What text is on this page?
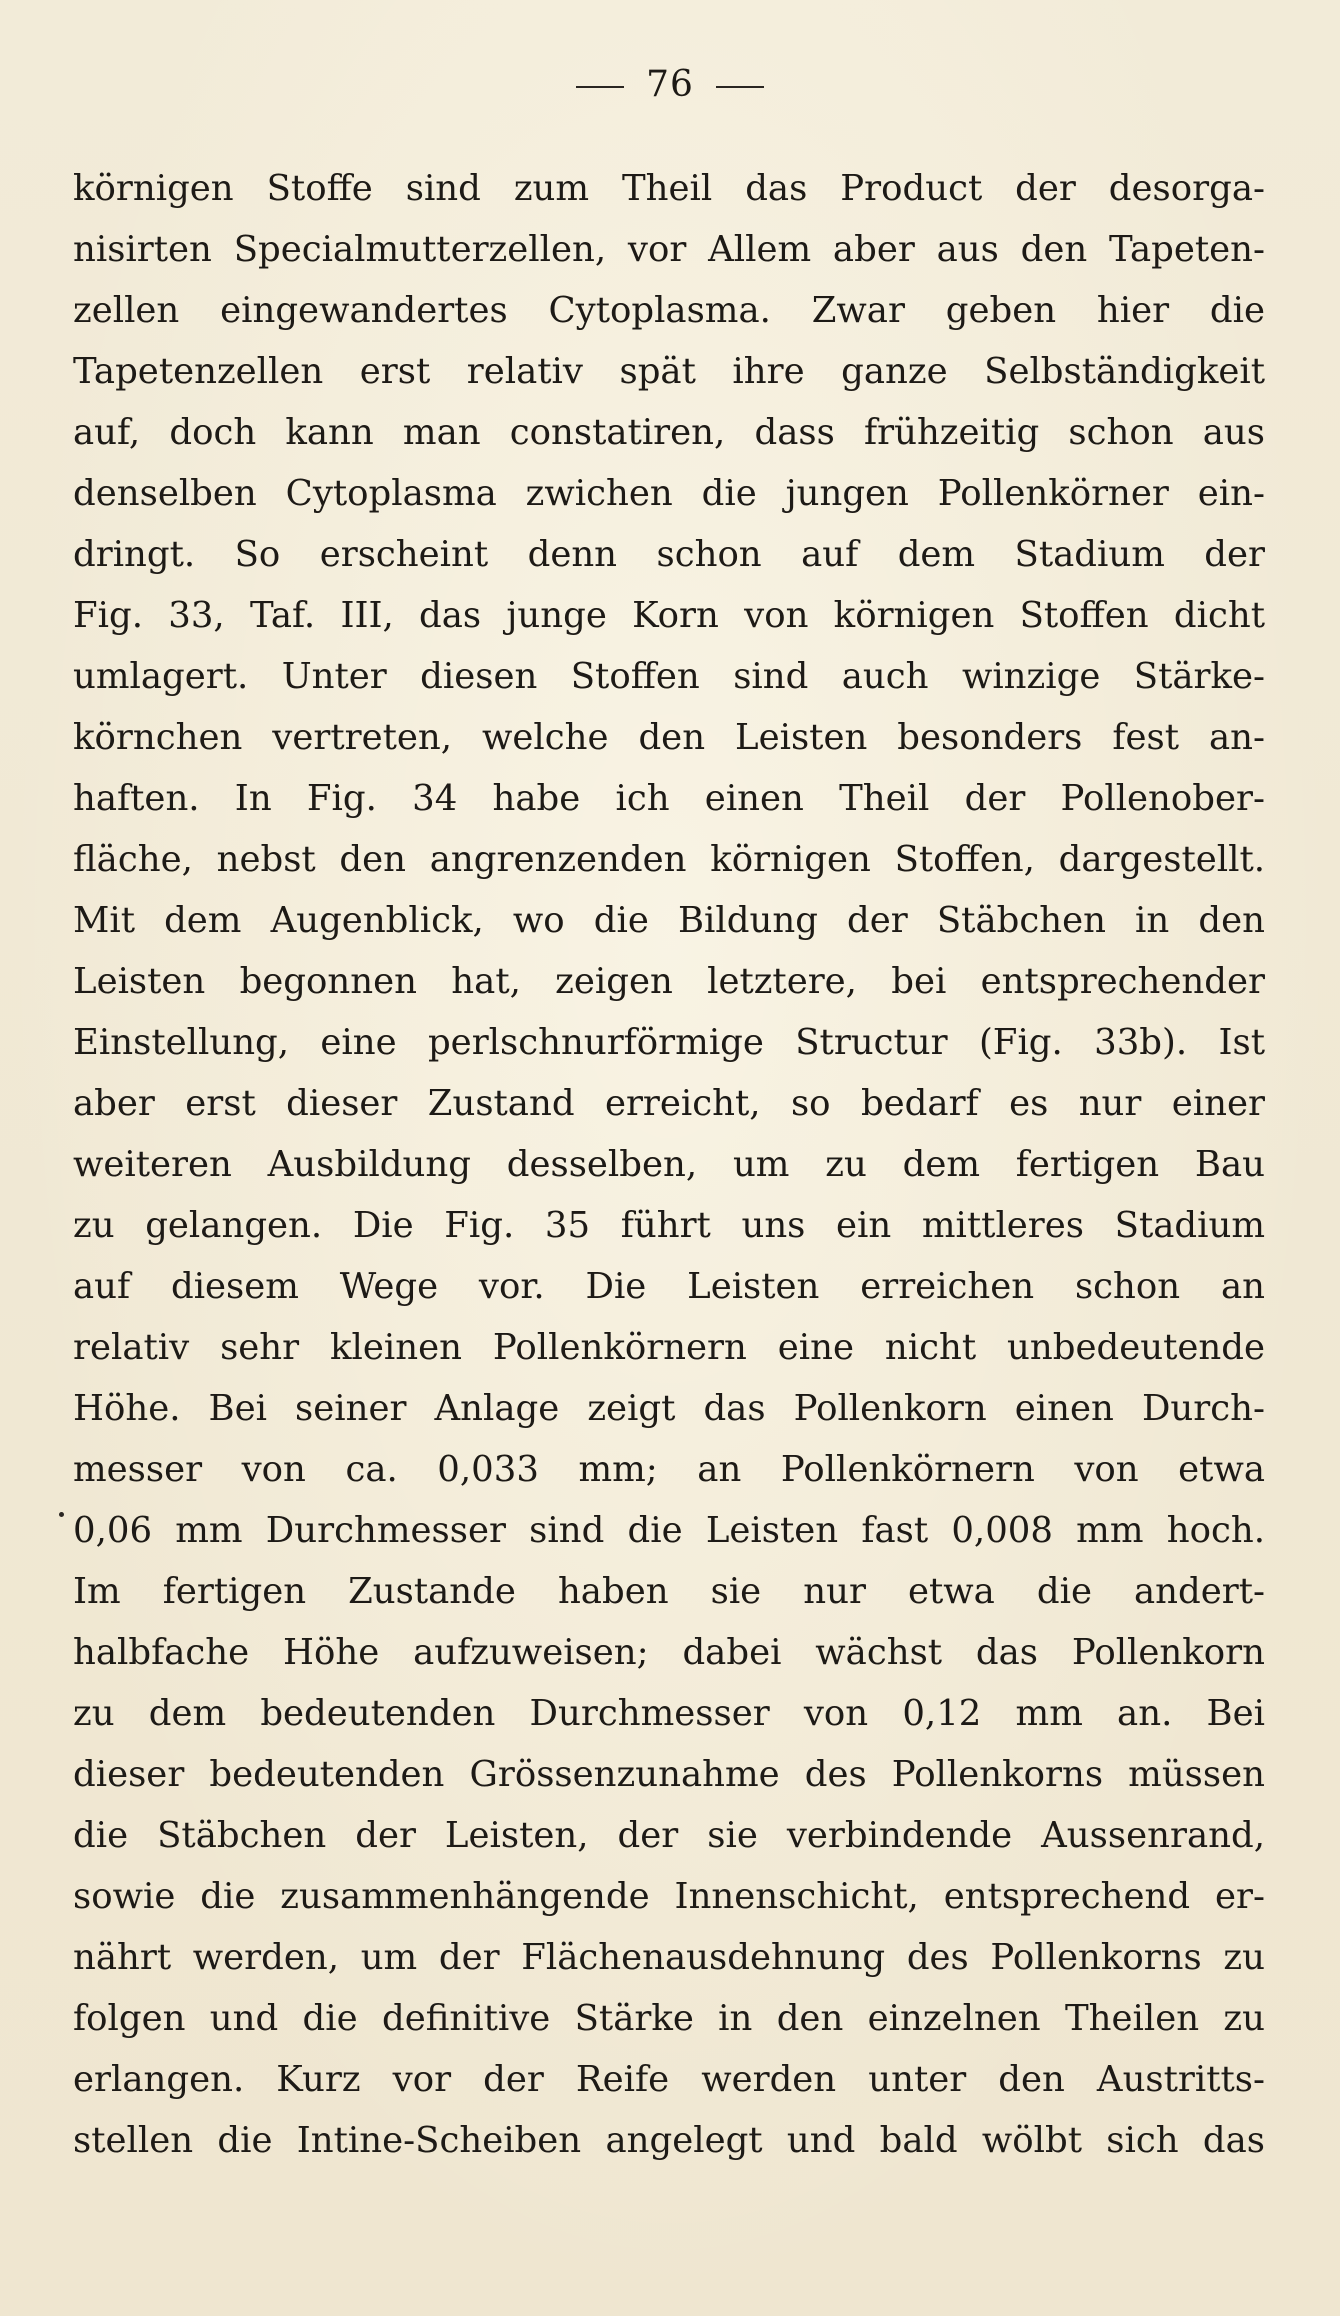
76
körnigen Stoffe sind zum Theil das Product der desorga-
nisirten Specialmutterzellen, vor Allem aber aus den Tapeten-
zellen eingewandertes Cytoplasma. Zwar geben hier die
Tapetenzellen erst relativ spät ihre ganze Selbständigkeit
auf, doch kann man constatiren, dass frühzeitig schon aus
denselben Cytoplasma zwichen die jungen Pollenkörner ein-
dringt. So erscheint denn schon auf dem Stadium der
Fig. 33, Taf. III, das junge Korn von körnigen Stoffen dicht
umlagert. Unter diesen Stoffen sind auch winzige Stärke-
körnchen vertreten, welche den Leisten besonders fest an-
haften. In Fig. 34 habe ich einen Theil der Pollenober-
fläche, nebst den angrenzenden körnigen Stoffen, dargestellt.
Mit dem Augenblick, wo die Bildung der Stäbchen in den
Leisten begonnen hat, zeigen letztere, bei entsprechender
Einstellung, eine perlschnurförmige Structur (Fig. 33b). Ist
aber erst dieser Zustand erreicht, so bedarf es nur einer
weiteren Ausbildung desselben, um zu dem fertigen Bau
zu gelangen. Die Fig. 35 führt uns ein mittleres Stadium
auf diesem Wege vor. Die Leisten erreichen schon an
relativ sehr kleinen Pollenkörnern eine nicht unbedeutende
Höhe. Bei seiner Anlage zeigt das Pollenkorn einen Durch-
messer von ca. 0,033 mm; an Pollenkörnern von etwa
0,06 mm Durchmesser sind die Leisten fast 0,008 mm hoch.
Im fertigen Zustande haben sie nur etwa die andert-
halbfache Höhe aufzuweisen; dabei wächst das Pollenkorn
zu dem bedeutenden Durchmesser von 0,12 mm an. Bei
dieser bedeutenden Grössenzunahme des Pollenkorns müssen
die Stäbchen der Leisten, der sie verbindende Aussenrand,
sowie die zusammenhängende Innenschicht, entsprechend er-
nährt werden, um der Flächenausdehnung des Pollenkorns zu
folgen und die definitive Stärke in den einzelnen Theilen zu
erlangen. Kurz vor der Reife werden unter den Austritts-
stellen die Intine-Scheiben angelegt und bald wölbt sich das
